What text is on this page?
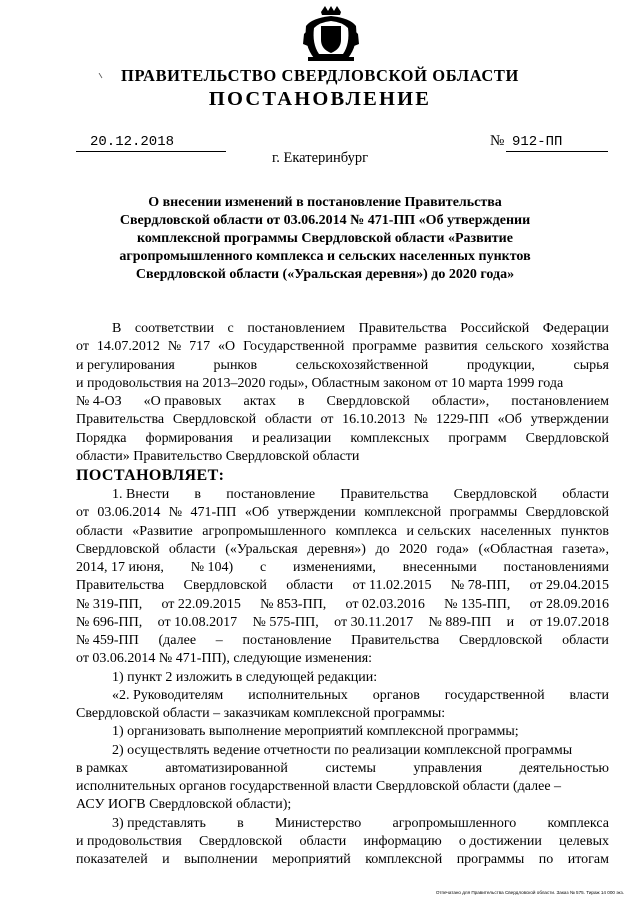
ПРАВИТЕЛЬСТВО СВЕРДЛОВСКОЙ ОБЛАСТИ
ПОСТАНОВЛЕНИЕ
20.12.2018	№ 912-ПП
г. Екатеринбург
О внесении изменений в постановление Правительства
Свердловской области от 03.06.2014 № 471-ПП «Об утверждении
комплексной программы Свердловской области «Развитие
агропромышленного комплекса и сельских населенных пунктов
Свердловской области («Уральская деревня») до 2020 года»
В соответствии с постановлением Правительства Российской Федерации
от 14.07.2012 № 717 «О Государственной программе развития сельского хозяйства
и регулирования	рынков	сельскохозяйственной	продукции,	сырья
и продовольствия на 2013–2020 годы», Областным законом от 10 марта 1999 года
№ 4-ОЗ «О правовых актах в Свердловской области», постановлением
Правительства Свердловской области от 16.10.2013 № 1229-ПП «Об утверждении
Порядка формирования и реализации комплексных программ Свердловской
области» Правительство Свердловской области
ПОСТАНОВЛЯЕТ:
1. Внести в постановление Правительства Свердловской области
от 03.06.2014 № 471-ПП «Об утверждении комплексной программы Свердловской
области «Развитие агропромышленного комплекса и сельских населенных пунктов
Свердловской области («Уральская деревня») до 2020 года» («Областная газета»,
2014, 17 июня, № 104) с изменениями, внесенными постановлениями
Правительства Свердловской области от 11.02.2015 № 78-ПП, от 29.04.2015
№ 319-ПП, от 22.09.2015 № 853-ПП, от 02.03.2016 № 135-ПП, от 28.09.2016
№ 696-ПП, от 10.08.2017 № 575-ПП, от 30.11.2017 № 889-ПП и от 19.07.2018
№ 459-ПП (далее – постановление Правительства Свердловской области
от 03.06.2014 № 471-ПП), следующие изменения:
1) пункт 2 изложить в следующей редакции:
«2. Руководителям исполнительных органов государственной власти
Свердловской области – заказчикам комплексной программы:
1) организовать выполнение мероприятий комплексной программы;
2) осуществлять ведение отчетности по реализации комплексной программы
в рамках	автоматизированной	системы	управления	деятельностью
исполнительных органов государственной власти Свердловской области (далее –
АСУ ИОГВ Свердловской области);
3) представлять в Министерство агропромышленного комплекса
и продовольствия Свердловской области информацию о достижении целевых
показателей и выполнении мероприятий комплексной программы по итогам
Отпечатано для Правительства Свердловской области. Заказ № 575. Тираж 14 000 экз.
